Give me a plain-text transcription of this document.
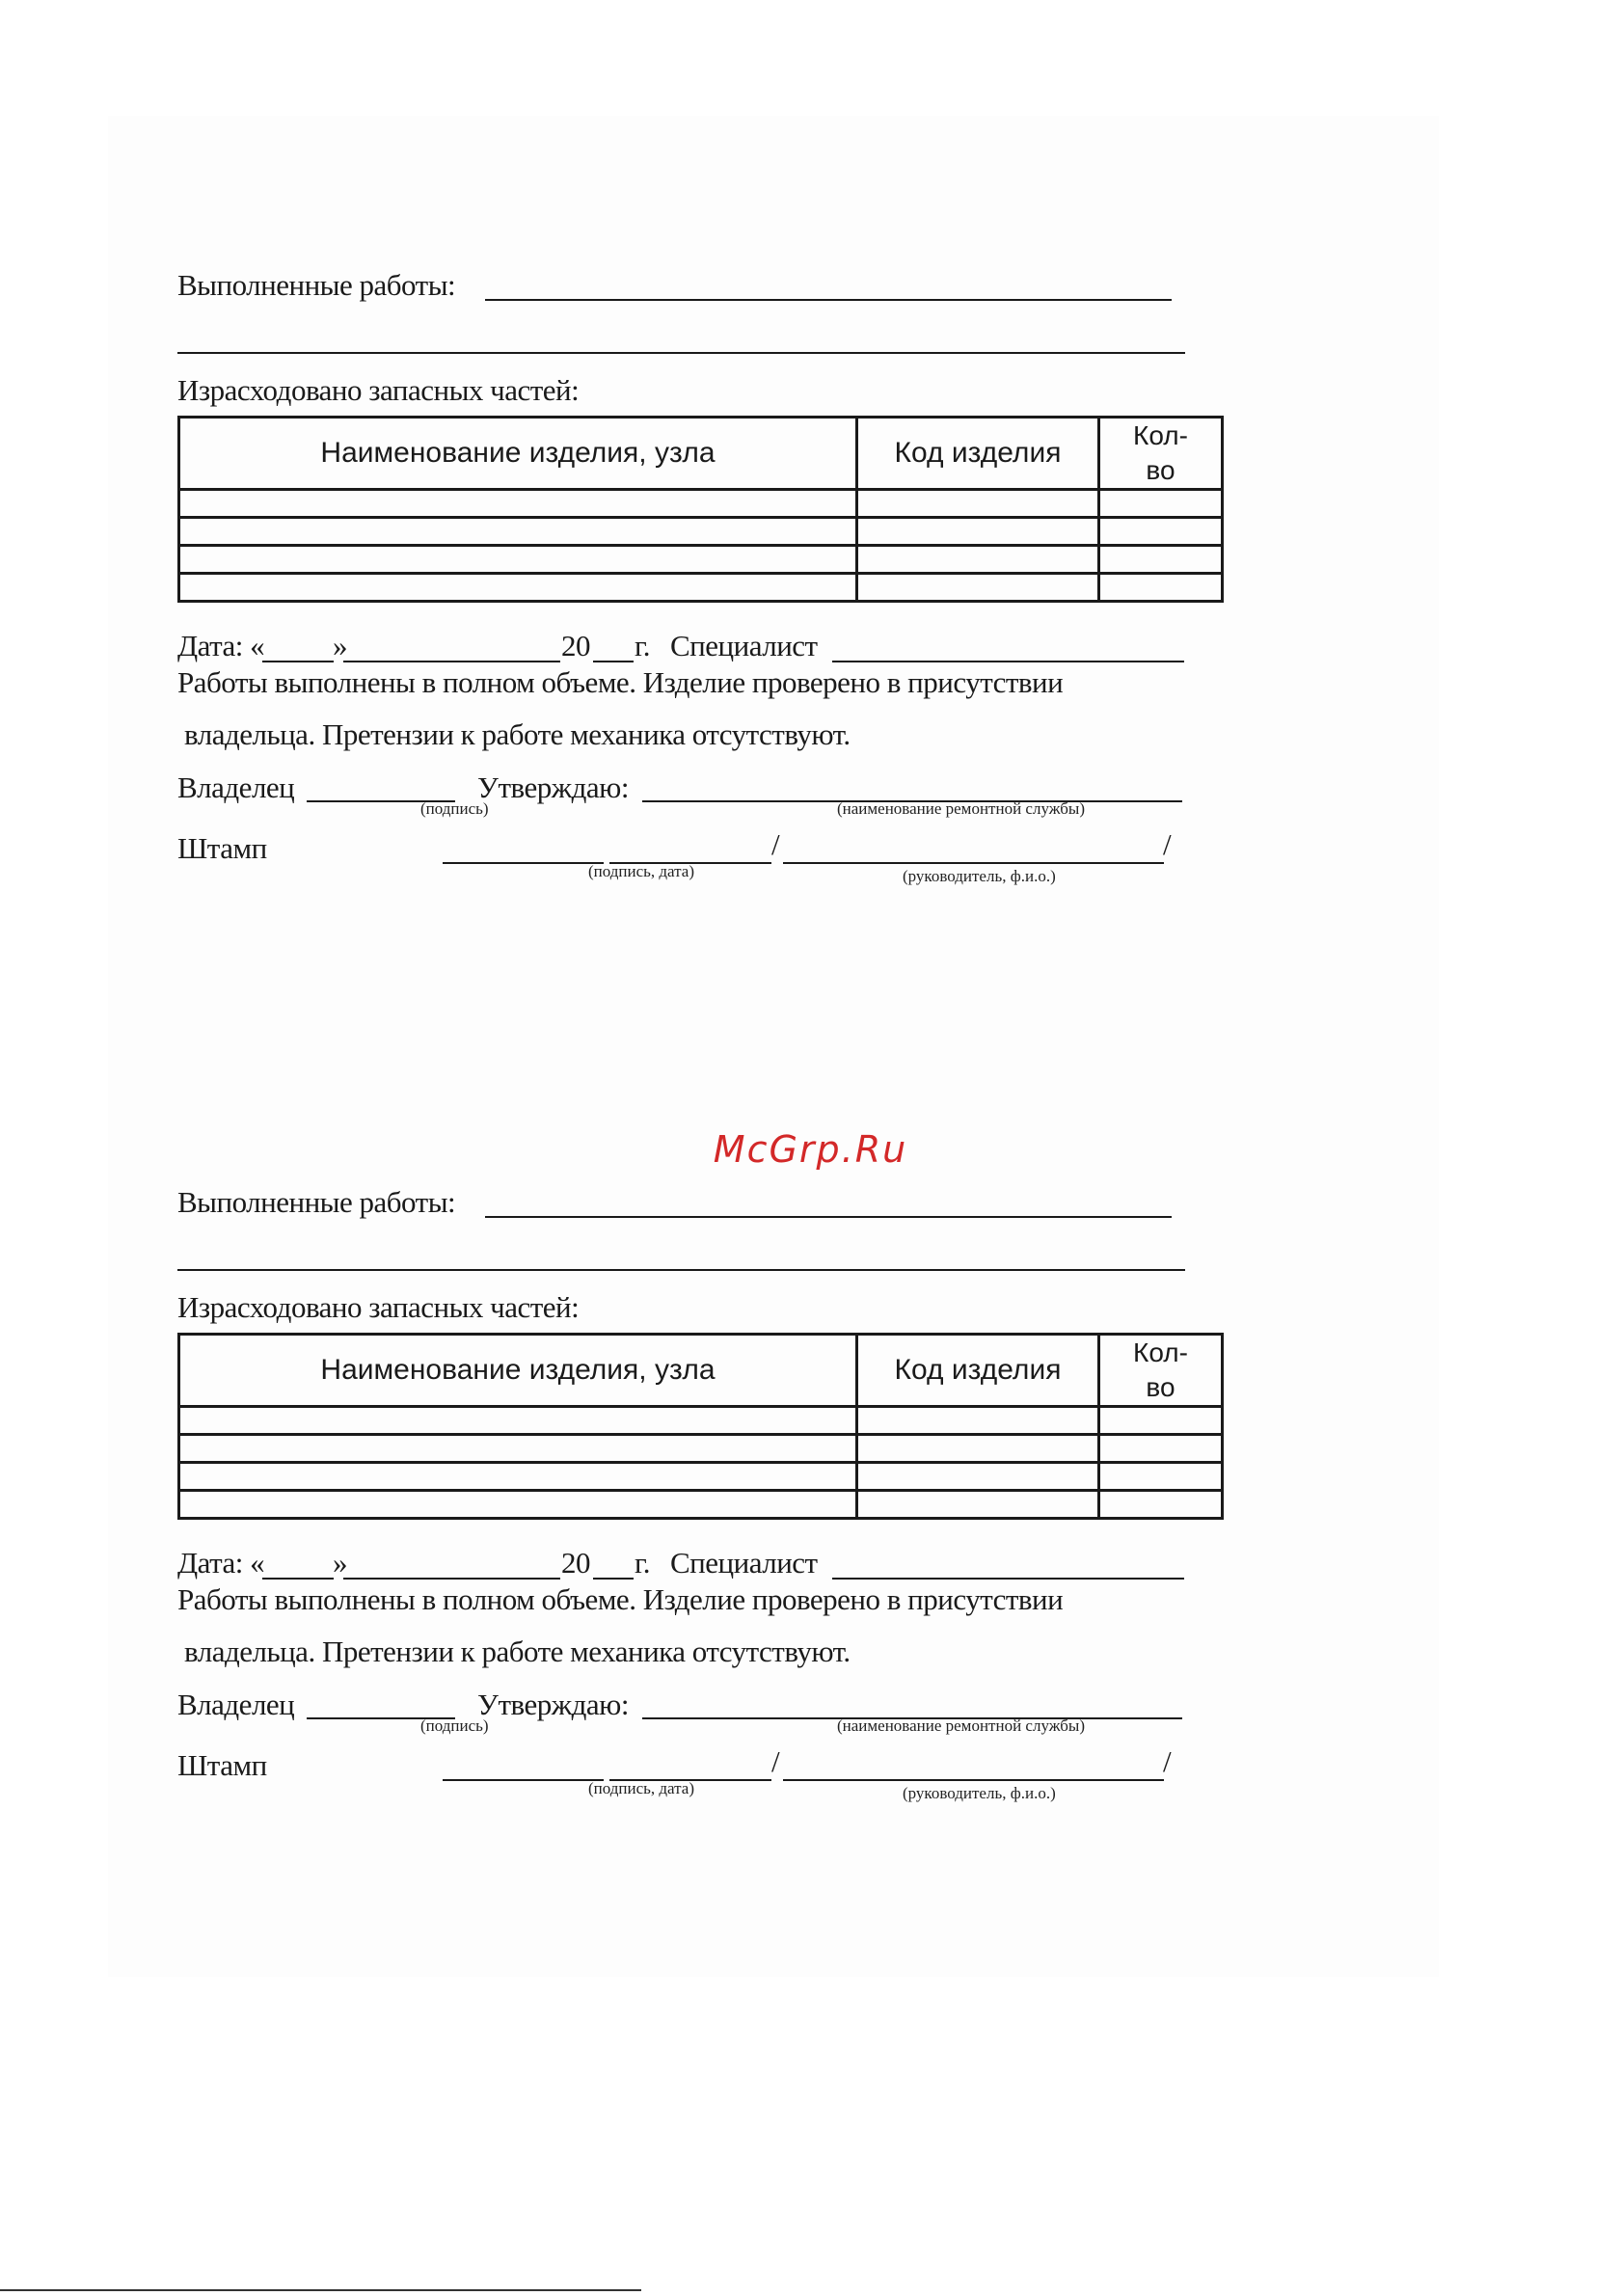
Выполненные работы:
Израсходовано запасных частей:
Наименование изделия, узла	Код изделия	Кол-во

Дата: « »	20 г. Специалист
Работы выполнены в полном объеме. Изделие проверено в присутствии
владельца. Претензии к работе механика отсутствуют.
Владелец
(подпись)
Утверждаю:
(наименование ремонтной службы)
Штамп	/	/
(подпись, дата)	(руководитель, ф.и.о.)
McGrp.Ru
Выполненные работы:
Израсходовано запасных частей:
Наименование изделия, узла	Код изделия	Кол-во

Дата: « »	20 г. Специалист
Работы выполнены в полном объеме. Изделие проверено в присутствии
владельца. Претензии к работе механика отсутствуют.
Владелец
(подпись)
Утверждаю:
(наименование ремонтной службы)
Штамп	/	/
(подпись, дата)	(руководитель, ф.и.о.)
